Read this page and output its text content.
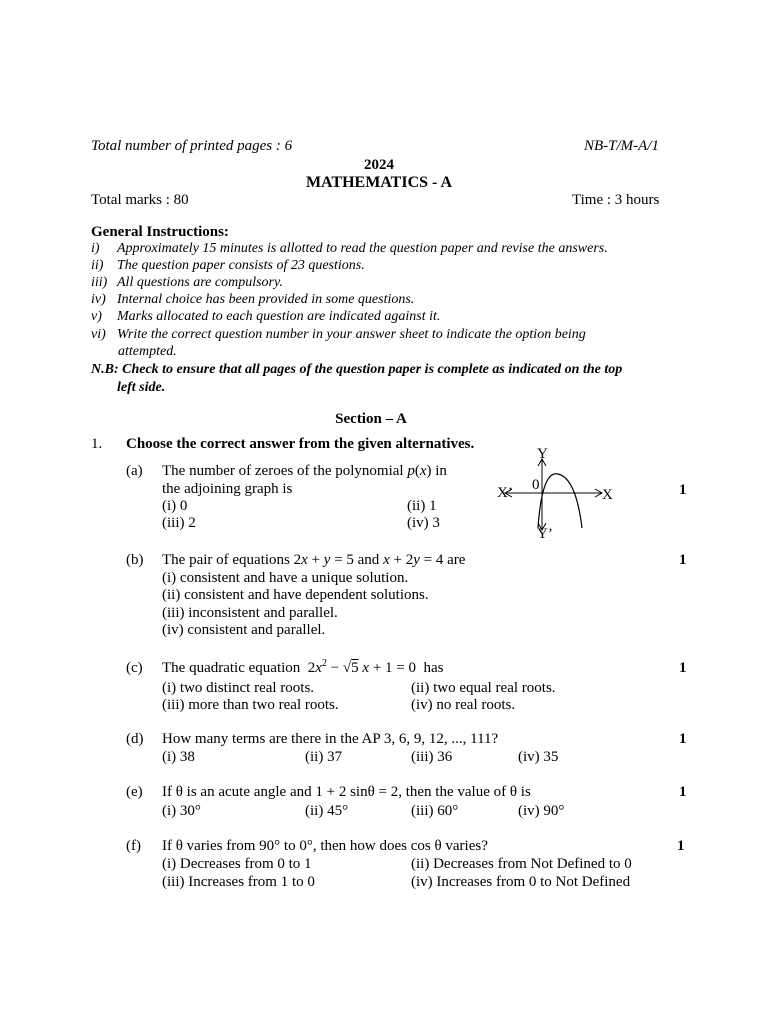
Total number of printed pages : 6	NB-T/M-A/1
2024
MATHEMATICS - A
Total marks : 80	Time : 3 hours
General Instructions:
i) Approximately 15 minutes is allotted to read the question paper and revise the answers.
ii) The question paper consists of 23 questions.
iii) All questions are compulsory.
iv) Internal choice has been provided in some questions.
v) Marks allocated to each question are indicated against it.
vi) Write the correct question number in your answer sheet to indicate the option being
attempted.
N.B: Check to ensure that all pages of the question paper is complete as indicated on the top
left side.
Section – A
1. Choose the correct answer from the given alternatives.
(a) The number of zeroes of the polynomial p(x) in
the adjoining graph is
(i) 0	(ii) 1
(iii) 2	(iv) 3
1
Y
X
X’
Y’
0
(b) The pair of equations 2x + y = 5 and x + 2y = 4 are
(i) consistent and have a unique solution.
(ii) consistent and have dependent solutions.
(iii) inconsistent and parallel.
(iv) consistent and parallel.
1
(c) The quadratic equation  $2x^2 - √5$ x + 1 = 0 has
(i) two distinct real roots.	(ii) two equal real roots.
(iii) more than two real roots.	(iv) no real roots.
1
(d) How many terms are there in the AP 3, 6, 9, 12, ..., 111?
(i) 38	(ii) 37	(iii) 36	(iv) 35
1
(e) If θ is an acute angle and 1 + 2 sinθ = 2, then the value of θ is
(i) 30°	(ii) 45°	(iii) 60°	(iv) 90°
1
(f) If θ varies from 90° to 0°, then how does cos θ varies?
(i) Decreases from 0 to 1	(ii) Decreases from Not Defined to 0
(iii) Increases from 1 to 0	(iv) Increases from 0 to Not Defined
1
